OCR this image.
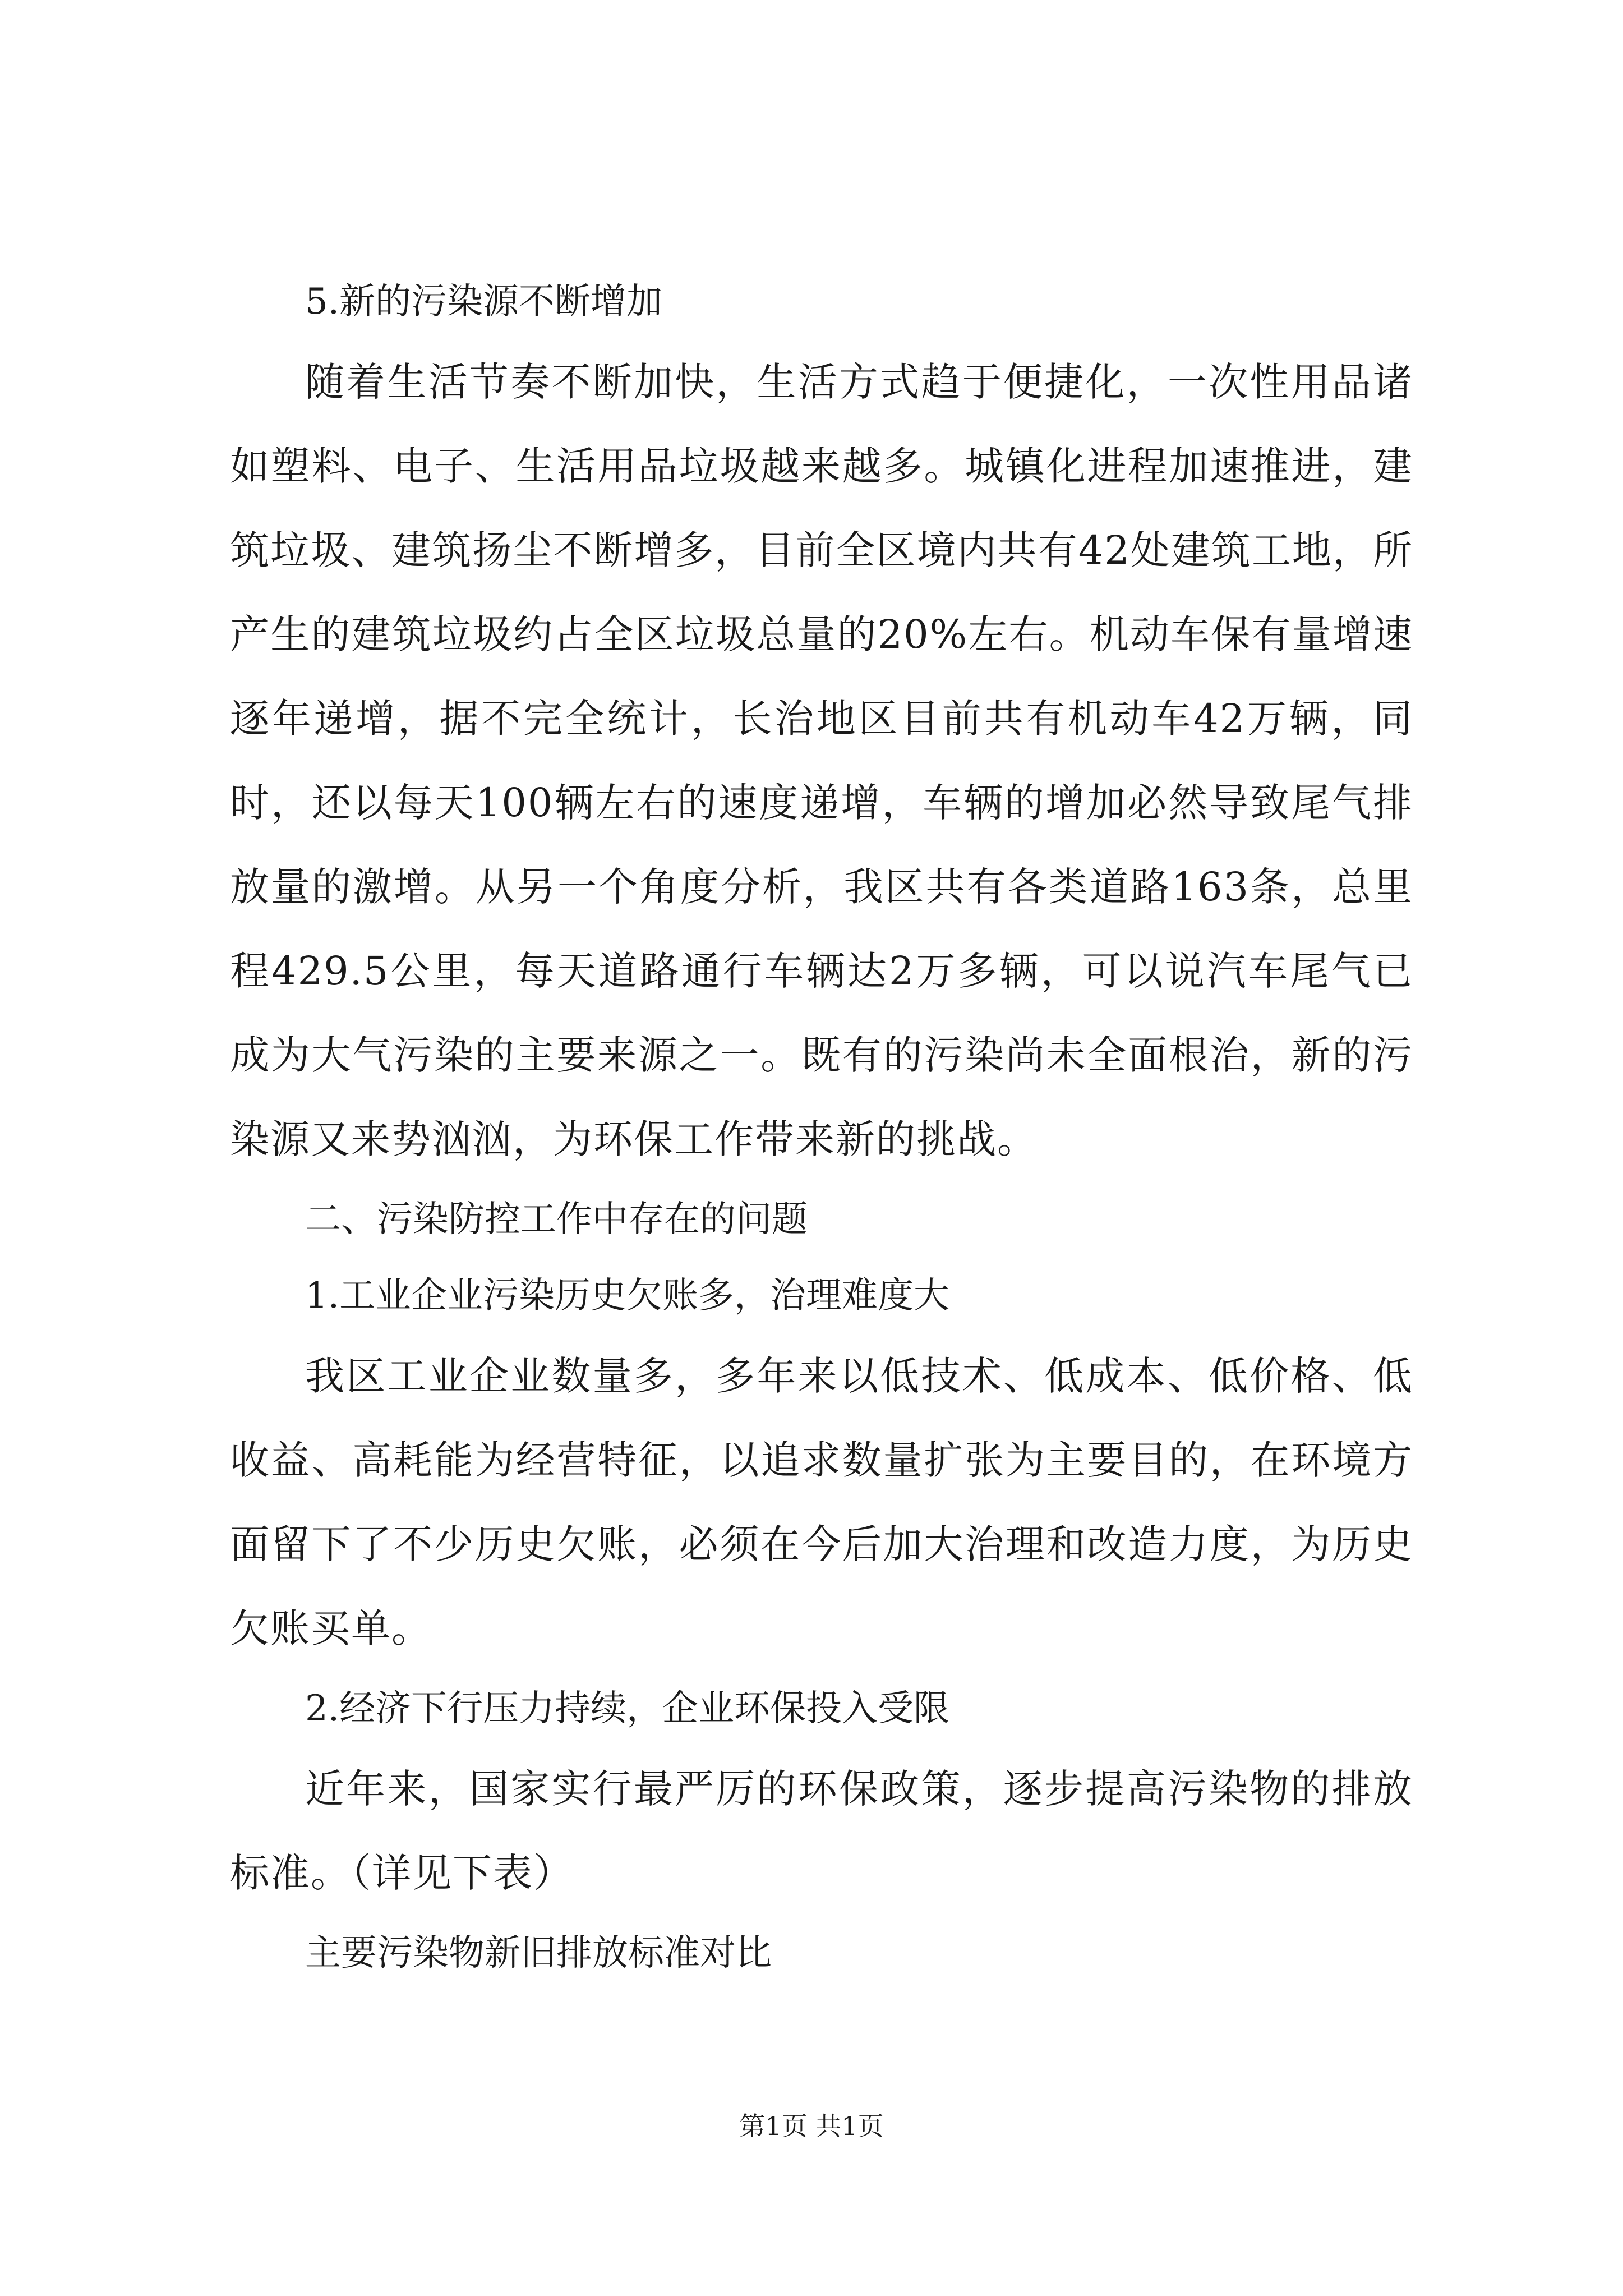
5.新的污染源不断增加

随着生活节奏不断加快，生活方式趋于便捷化，一次性用品诸如塑料、电子、生活用品垃圾越来越多。城镇化进程加速推进，建筑垃圾、建筑扬尘不断增多，目前全区境内共有42处建筑工地，所产生的建筑垃圾约占全区垃圾总量的20%左右。机动车保有量增速逐年递增，据不完全统计，长治地区目前共有机动车42万辆，同时，还以每天100辆左右的速度递增，车辆的增加必然导致尾气排放量的激增。从另一个角度分析，我区共有各类道路163条，总里程429.5公里，每天道路通行车辆达2万多辆，可以说汽车尾气已成为大气污染的主要来源之一。既有的污染尚未全面根治，新的污染源又来势汹汹，为环保工作带来新的挑战。

二、污染防控工作中存在的问题

1.工业企业污染历史欠账多，治理难度大

我区工业企业数量多，多年来以低技术、低成本、低价格、低收益、高耗能为经营特征，以追求数量扩张为主要目的，在环境方面留下了不少历史欠账，必须在今后加大治理和改造力度，为历史欠账买单。

2.经济下行压力持续，企业环保投入受限

近年来，国家实行最严厉的环保政策，逐步提高污染物的排放标准。（详见下表）

主要污染物新旧排放标准对比

第1页 共1页
